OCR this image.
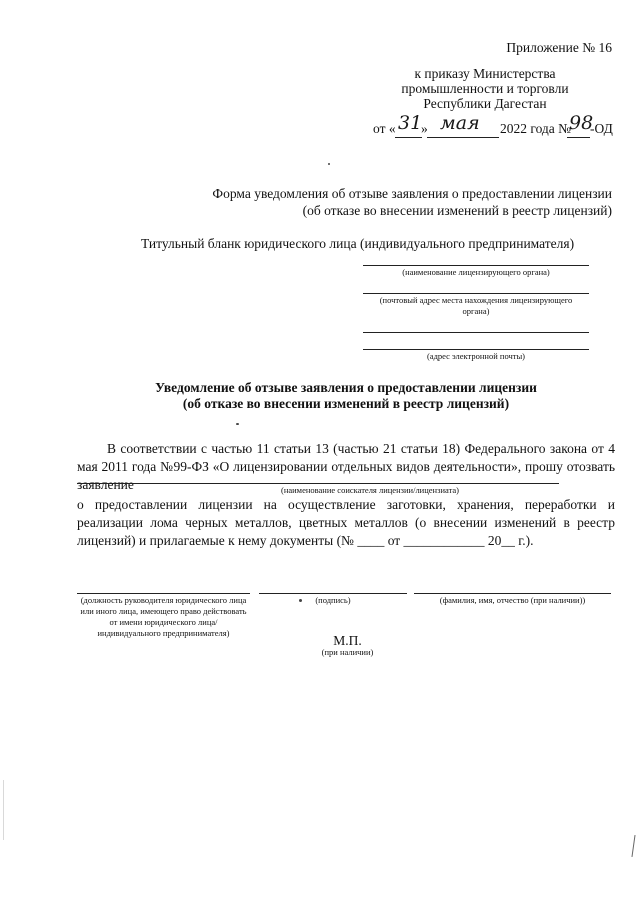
Приложение № 16
к приказу Министерства
промышленности и торговли
Республики Дагестан
от « 31
» мая 2022 года №
98
-ОД
Форма уведомления об отзыве заявления о предоставлении лицензии
(об отказе во внесении изменений в реестр лицензий)
Титульный бланк юридического лица (индивидуального предпринимателя)
(наименование лицензирующего органа)
(почтовый адрес места нахождения лицензирующего органа)
(адрес электронной почты)
Уведомление об отзыве заявления о предоставлении лицензии
(об отказе во внесении изменений в реестр лицензий)
В соответствии с частью 11 статьи 13 (частью 21 статьи 18) Федерального закона от 4 мая 2011 года №99-ФЗ «О лицензировании отдельных видов деятельности», прошу отозвать заявление	(наименование соискателя лицензии/лицензиата)
о предоставлении лицензии на осуществление заготовки, хранения, переработки и реализации лома черных металлов, цветных металлов (о внесении изменений в реестр лицензий) и прилагаемые к нему документы (№ ____ от ____________ 20__ г.).
(должность руководителя юридического лица или иного лица, имеющего право действовать от имени юридического лица/ индивидуального предпринимателя)
(подпись)	(фамилия, имя, отчество (при наличии))
М.П.
(при наличии)
